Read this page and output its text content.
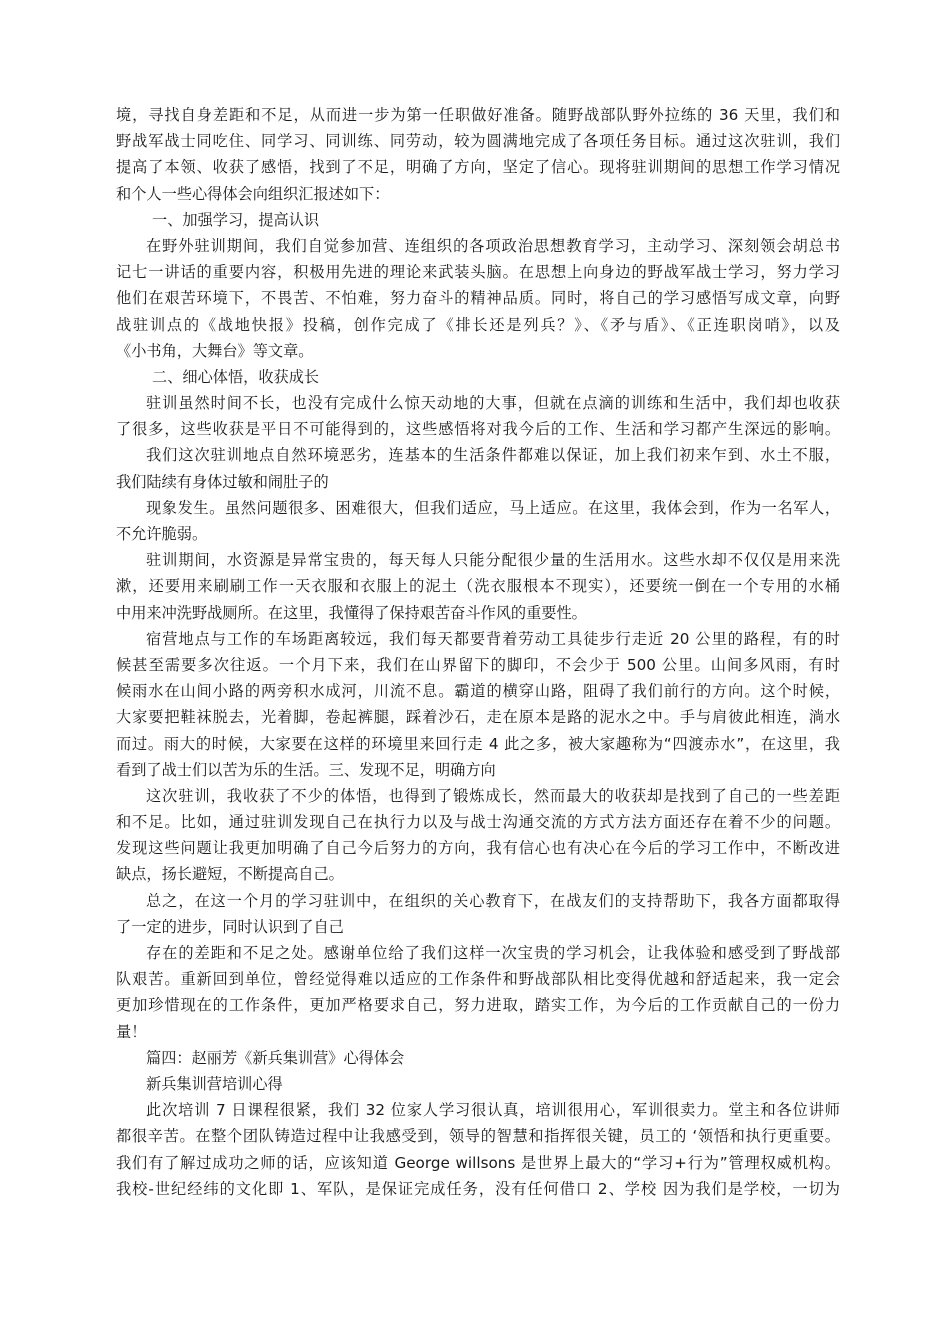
境，寻找自身差距和不足，从而进一步为第一任职做好准备。随野战部队野外拉练的 36 天里，我们和
野战军战士同吃住、同学习、同训练、同劳动，较为圆满地完成了各项任务目标。通过这次驻训，我们
提高了本领、收获了感悟，找到了不足，明确了方向，坚定了信心。现将驻训期间的思想工作学习情况
和个人一些心得体会向组织汇报述如下：
一、加强学习，提高认识
在野外驻训期间，我们自觉参加营、连组织的各项政治思想教育学习，主动学习、深刻领会胡总书
记七一讲话的重要内容，积极用先进的理论来武装头脑。在思想上向身边的野战军战士学习，努力学习
他们在艰苦环境下，不畏苦、不怕难，努力奋斗的精神品质。同时，将自己的学习感悟写成文章，向野
战驻训点的《战地快报》投稿，创作完成了《排长还是列兵？》、《矛与盾》、《正连职岗哨》，以及
《小书角，大舞台》等文章。
二、细心体悟，收获成长
驻训虽然时间不长，也没有完成什么惊天动地的大事，但就在点滴的训练和生活中，我们却也收获
了很多，这些收获是平日不可能得到的，这些感悟将对我今后的工作、生活和学习都产生深远的影响。
我们这次驻训地点自然环境恶劣，连基本的生活条件都难以保证，加上我们初来乍到、水土不服，
我们陆续有身体过敏和闹肚子的
现象发生。虽然问题很多、困难很大，但我们适应，马上适应。在这里，我体会到，作为一名军人，
不允许脆弱。
驻训期间，水资源是异常宝贵的，每天每人只能分配很少量的生活用水。这些水却不仅仅是用来洗
漱，还要用来刷刷工作一天衣服和衣服上的泥土（洗衣服根本不现实），还要统一倒在一个专用的水桶
中用来冲洗野战厕所。在这里，我懂得了保持艰苦奋斗作风的重要性。
宿营地点与工作的车场距离较远，我们每天都要背着劳动工具徒步行走近 20 公里的路程，有的时
候甚至需要多次往返。一个月下来，我们在山界留下的脚印，不会少于 500 公里。山间多风雨，有时
候雨水在山间小路的两旁积水成河，川流不息。霸道的横穿山路，阻碍了我们前行的方向。这个时候，
大家要把鞋袜脱去，光着脚，卷起裤腿，踩着沙石，走在原本是路的泥水之中。手与肩彼此相连，淌水
而过。雨大的时候，大家要在这样的环境里来回行走 4 此之多，被大家趣称为“四渡赤水”，在这里，我
看到了战士们以苦为乐的生活。三、发现不足，明确方向
这次驻训，我收获了不少的体悟，也得到了锻炼成长，然而最大的收获却是找到了自己的一些差距
和不足。比如，通过驻训发现自己在执行力以及与战士沟通交流的方式方法方面还存在着不少的问题。
发现这些问题让我更加明确了自己今后努力的方向，我有信心也有决心在今后的学习工作中，不断改进
缺点，扬长避短，不断提高自己。
总之，在这一个月的学习驻训中，在组织的关心教育下，在战友们的支持帮助下，我各方面都取得
了一定的进步，同时认识到了自己
存在的差距和不足之处。感谢单位给了我们这样一次宝贵的学习机会，让我体验和感受到了野战部
队艰苦。重新回到单位，曾经觉得难以适应的工作条件和野战部队相比变得优越和舒适起来，我一定会
更加珍惜现在的工作条件，更加严格要求自己，努力进取，踏实工作，为今后的工作贡献自己的一份力
量！
篇四：赵丽芳《新兵集训营》心得体会
新兵集训营培训心得
此次培训 7 日课程很紧，我们 32 位家人学习很认真，培训很用心，军训很卖力。堂主和各位讲师
都很辛苦。在整个团队铸造过程中让我感受到，领导的智慧和指挥很关键，员工的 ‘领悟和执行更重要。
我们有了解过成功之师的话，应该知道 George willsons 是世界上最大的“学习+行为”管理权威机构。
我校-世纪经纬的文化即 1、军队，是保证完成任务，没有任何借口 2、学校 因为我们是学校，一切为
